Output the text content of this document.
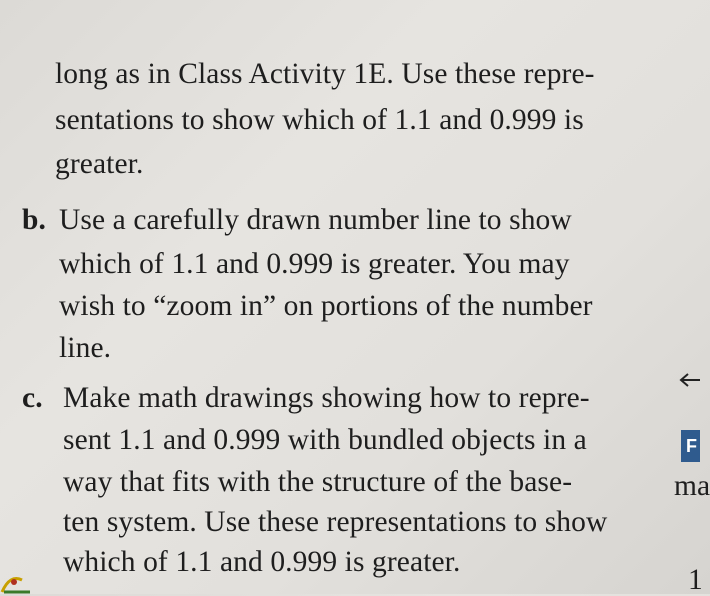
long as in Class Activity 1E. Use these repre-
sentations to show which of 1.1 and 0.999 is
greater.
b. Use a carefully drawn number line to show
which of 1.1 and 0.999 is greater. You may
wish to “zoom in” on portions of the number
line.
c. Make math drawings showing how to repre-
sent 1.1 and 0.999 with bundled objects in a
way that fits with the structure of the base-
ten system. Use these representations to show
which of 1.1 and 0.999 is greater.
F
ma
1
